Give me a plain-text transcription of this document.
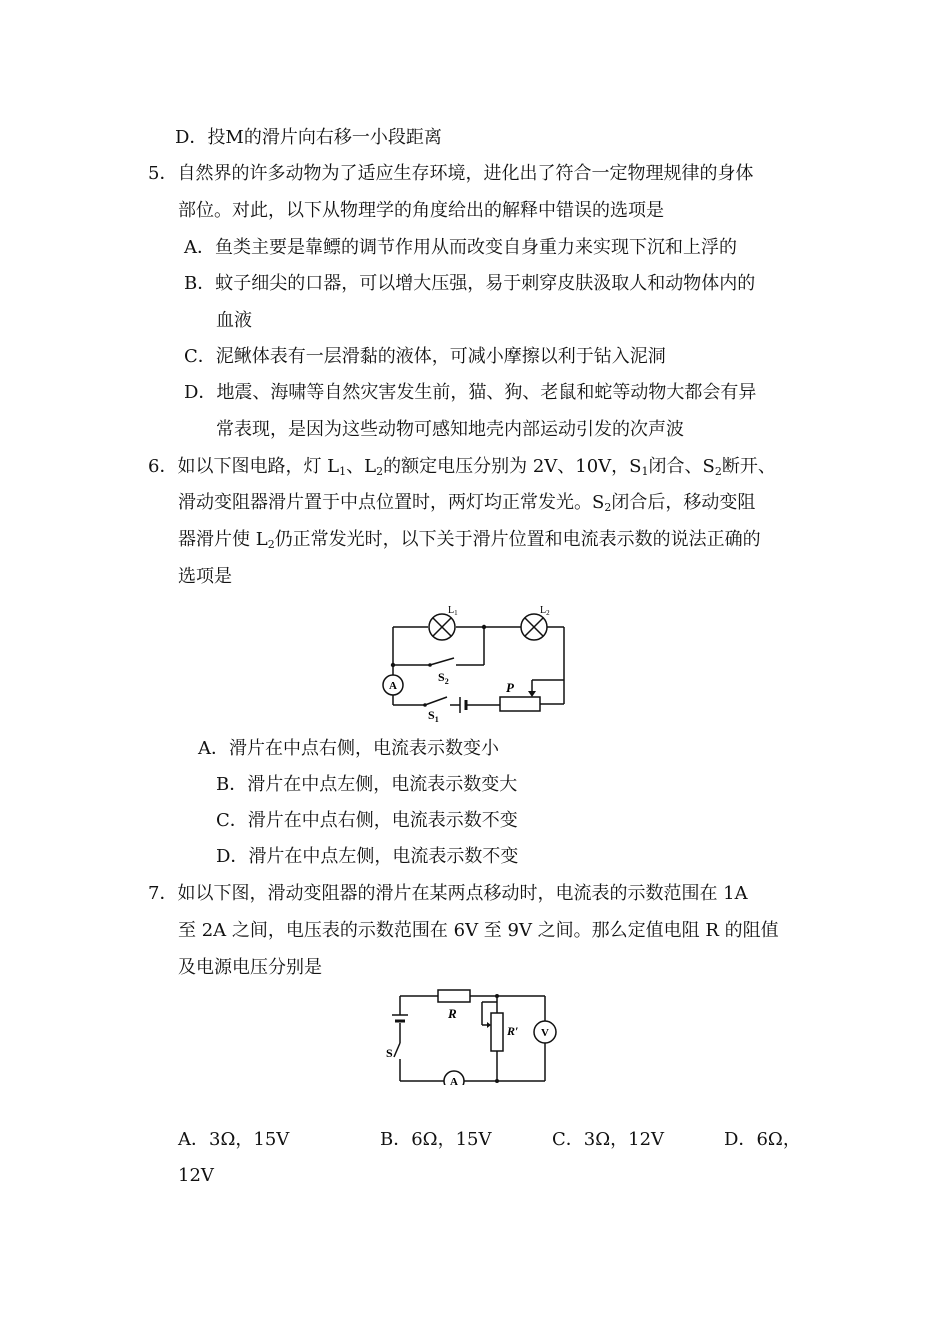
D．投M的滑片向右移一小段距离
5．自然界的许多动物为了适应生存环境，进化出了符合一定物理规律的身体
部位。对此，以下从物理学的角度给出的解释中错误的选项是
A．鱼类主要是靠鳔的调节作用从而改变自身重力来实现下沉和上浮的
B．蚊子细尖的口器，可以增大压强，易于刺穿皮肤汲取人和动物体内的
血液
C．泥鳅体表有一层滑黏的液体，可减小摩擦以利于钻入泥洞
D．地震、海啸等自然灾害发生前，猫、狗、老鼠和蛇等动物大都会有异
常表现，是因为这些动物可感知地壳内部运动引发的次声波
6．如以下图电路，灯 $L_1$、$L_2$的额定电压分别为 2V、10V，$S_1$闭合、$S_2$断开、
滑动变阻器滑片置于中点位置时，两灯均正常发光。$S_2$闭合后，移动变阻
器滑片使 $L_2$仍正常发光时，以下关于滑片位置和电流表示数的说法正确的
选项是
$L_1$	$L_2$
$S_2$
$S_1$
A	P
A．滑片在中点右侧，电流表示数变小
B．滑片在中点左侧，电流表示数变大
C．滑片在中点右侧，电流表示数不变
D．滑片在中点左侧，电流表示数不变
7．如以下图，滑动变阻器的滑片在某两点移动时，电流表的示数范围在 1A
至 2A 之间，电压表的示数范围在 6V 至 9V 之间。那么定值电阻 R 的阻值
及电源电压分别是
R
R′
S
A
V
A．3Ω，15V	B．6Ω，15V	C．3Ω，12V	D．6Ω，
12V
